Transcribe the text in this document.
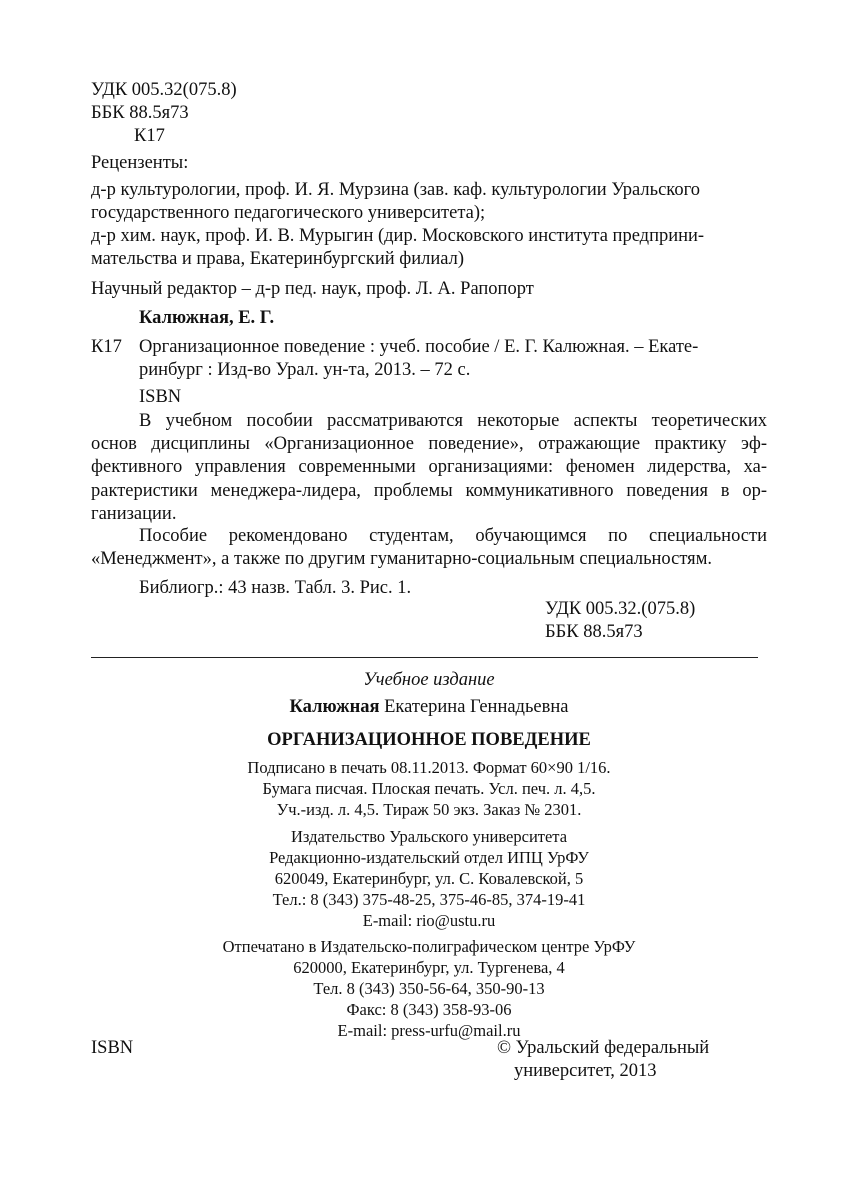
УДК 005.32(075.8)
ББК 88.5я73
К17
Рецензенты:
д-р культурологии, проф. И. Я. Мурзина (зав. каф. культурологии Уральского
государственного педагогического университета);
д-р хим. наук, проф. И. В. Мурыгин (дир. Московского института предприни-
мательства и права, Екатеринбургский филиал)
Научный редактор – д-р пед. наук, проф. Л. А. Рапопорт
Калюжная, Е. Г.
К17 Организационное поведение : учеб. пособие / Е. Г. Калюжная. – Екате-
ринбург : Изд-во Урал. ун-та, 2013. – 72 с.
ISBN
В учебном пособии рассматриваются некоторые аспекты теоретических
основ дисциплины «Организационное поведение», отражающие практику эф-
фективного управления современными организациями: феномен лидерства, ха-
рактеристики менеджера-лидера, проблемы коммуникативного поведения в ор-
ганизации.
Пособие рекомендовано студентам, обучающимся по специальности
«Менеджмент», а также по другим гуманитарно-социальным специальностям.
Библиогр.: 43 назв. Табл. 3. Рис. 1.
УДК 005.32.(075.8)
ББК 88.5я73
Учебное издание
Калюжная Екатерина Геннадьевна
ОРГАНИЗАЦИОННОЕ ПОВЕДЕНИЕ
Подписано в печать 08.11.2013. Формат 60×90 1/16.
Бумага писчая. Плоская печать. Усл. печ. л. 4,5.
Уч.-изд. л. 4,5. Тираж 50 экз. Заказ № 2301.
Издательство Уральского университета
Редакционно-издательский отдел ИПЦ УрФУ
620049, Екатеринбург, ул. С. Ковалевской, 5
Тел.: 8 (343) 375-48-25, 375-46-85, 374-19-41
E-mail: rio@ustu.ru
Отпечатано в Издательско-полиграфическом центре УрФУ
620000, Екатеринбург, ул. Тургенева, 4
Тел. 8 (343) 350-56-64, 350-90-13
Факс: 8 (343) 358-93-06
E-mail: press-urfu@mail.ru
ISBN	© Уральский федеральный
университет, 2013
